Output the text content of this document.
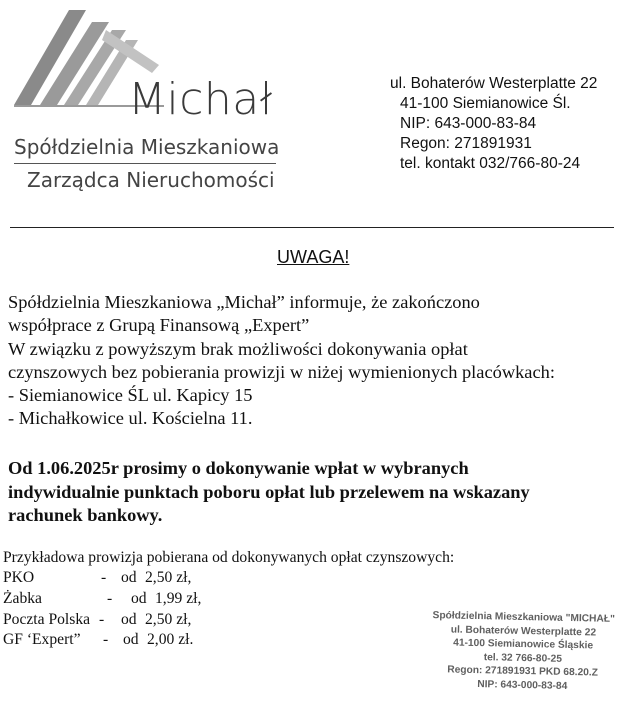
Michał
Spółdzielnia Mieszkaniowa
Zarządca Nieruchomości
ul. Bohaterów Westerplatte 22
41-100 Siemianowice Śl.
NIP: 643-000-83-84
Regon: 271891931
tel. kontakt 032/766-80-24
UWAGA!
Spółdzielnia Mieszkaniowa „Michał” informuje, że zakończono
współprace z Grupą Finansową „Expert”
W związku z powyższym brak możliwości dokonywania opłat
czynszowych bez pobierania prowizji w niżej wymienionych placówkach:
- Siemianowice ŚL ul. Kapicy 15
- Michałkowice ul. Kościelna 11.
Od 1.06.2025r prosimy o dokonywanie wpłat w wybranych
indywidualnie punktach poboru opłat lub przelewem na wskazany
rachunek bankowy.
Przykładowa prowizja pobierana od dokonywanych opłat czynszowych:
PKO	- od 2,50 zł,
Żabka	- od 1,99 zł,
Poczta Polska - od 2,50 zł,
GF ‘Expert” - od 2,00 zł.
Spółdzielnia Mieszkaniowa "MICHAŁ"
ul. Bohaterów Westerplatte 22
41-100 Siemianowice Śląskie
tel. 32 766-80-25
Regon: 271891931 PKD 68.20.Z
NIP: 643-000-83-84
